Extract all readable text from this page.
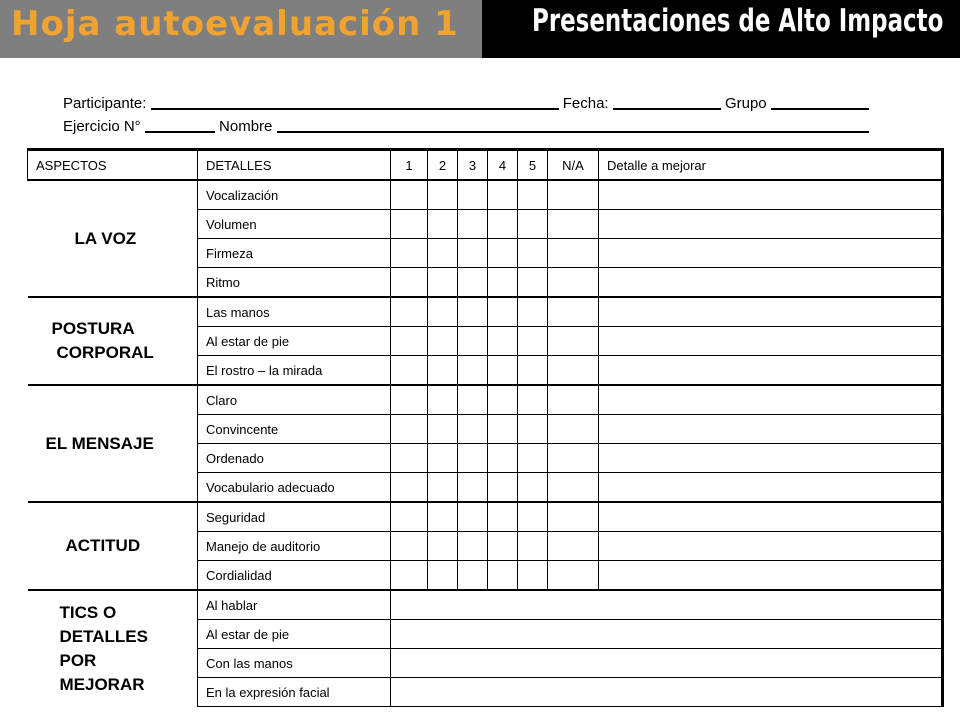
Hoja autoevaluación 1 Presentaciones de Alto Impacto
Participante:	Fecha:	Grupo
Ejercicio N°	Nombre
ASPECTOS	DETALLES	1	2	3	4	5	N/A	Detalle a mejorar
LA VOZ	Vocalización							
	Volumen							
	Firmeza							
	Ritmo							

POSTURA
CORPORAL	Las manos							
	Al estar de pie							
	El rostro – la mirada							
EL MENSAJE	Claro							
	Convincente							
	Ordenado							
	Vocabulario adecuado							
ACTITUD	Seguridad							
	Manejo de auditorio							
	Cordialidad							

TICS O
DETALLES
POR
MEJORAR	Al hablar							
	Al estar de pie							
	Con las manos							
	En la expresión facial							
